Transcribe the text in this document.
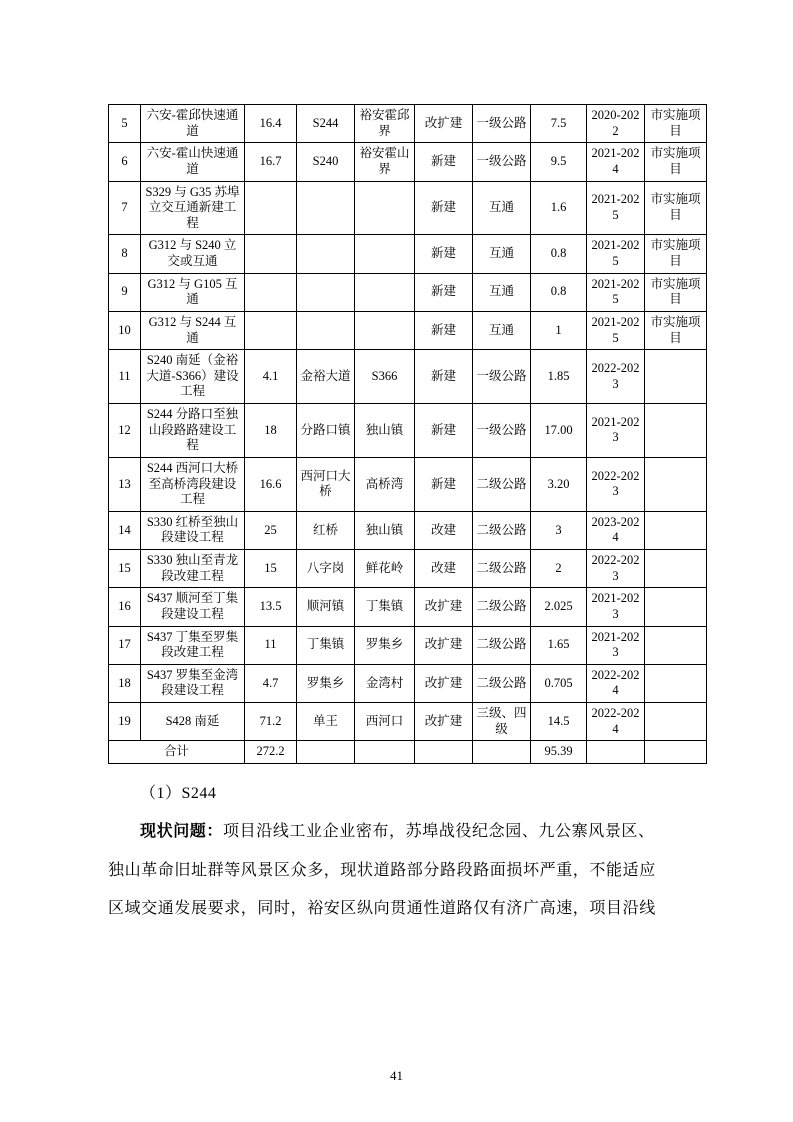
5	六安-霍邱快速通道	16.4	S244	裕安霍邱界	改扩建	一级公路	7.5	2020-2022	市实施项目
6	六安-霍山快速通道	16.7	S240	裕安霍山界	新建	一级公路	9.5	2021-2024	市实施项目
7	S329 与 G35 苏埠立交互通新建工程				新建	互通	1.6	2021-2025	市实施项目
8	G312 与 S240 立交或互通				新建	互通	0.8	2021-2025	市实施项目
9	G312 与 G105 互通				新建	互通	0.8	2021-2025	市实施项目
10	G312 与 S244 互通				新建	互通	1	2021-2025	市实施项目
11	S240 南延（金裕大道-S366）建设工程	4.1	金裕大道	S366	新建	一级公路	1.85	2022-2023	
12	S244 分路口至独山段路路建设工程	18	分路口镇	独山镇	新建	一级公路	17.00	2021-2023	
13	S244 西河口大桥至高桥湾段建设工程	16.6	西河口大桥	高桥湾	新建	二级公路	3.20	2022-2023	
14	S330 红桥至独山段建设工程	25	红桥	独山镇	改建	二级公路	3	2023-2024	
15	S330 独山至青龙段改建工程	15	八字岗	鲜花岭	改建	二级公路	2	2022-2023	
16	S437 顺河至丁集段建设工程	13.5	顺河镇	丁集镇	改扩建	二级公路	2.025	2021-2023	
17	S437 丁集至罗集段改建工程	11	丁集镇	罗集乡	改扩建	二级公路	1.65	2021-2023	
18	S437 罗集至金湾段建设工程	4.7	罗集乡	金湾村	改扩建	二级公路	0.705	2022-2024	
19	S428 南延	71.2	单王	西河口	改扩建	三级、四级	14.5	2022-2024	
合计		272.2					95.39		
（1）S244
现状问题：项目沿线工业企业密布，苏埠战役纪念园、九公寨风景区、
独山革命旧址群等风景区众多，现状道路部分路段路面损坏严重，不能适应
区域交通发展要求，同时，裕安区纵向贯通性道路仅有济广高速，项目沿线
41
